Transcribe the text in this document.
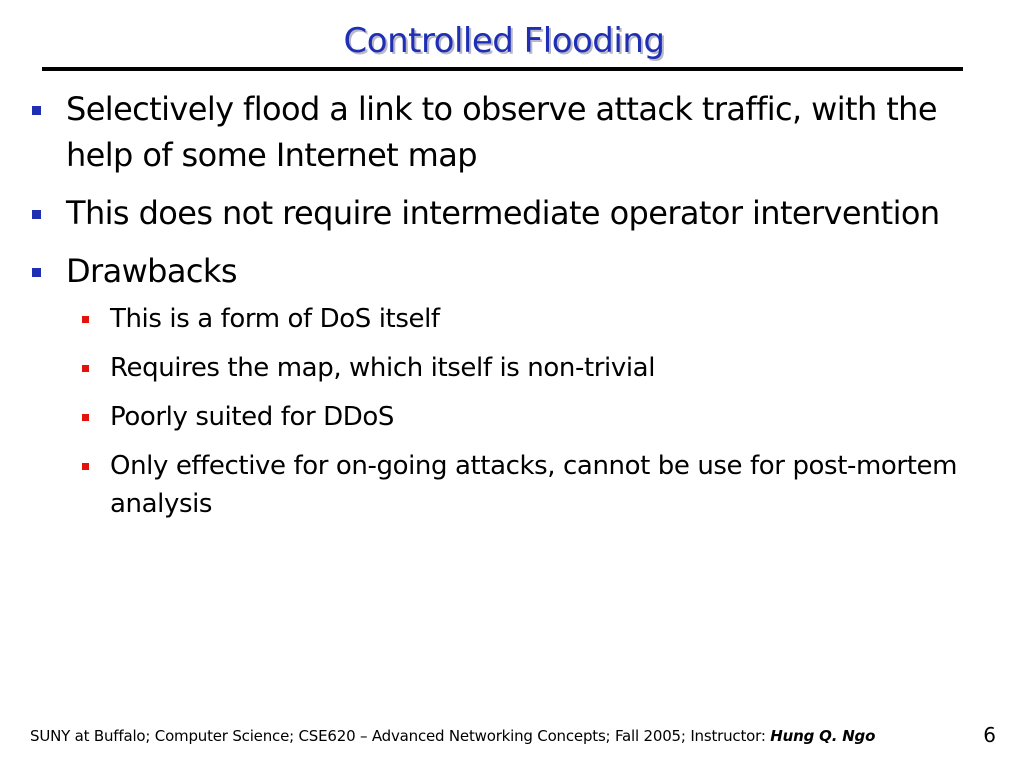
Controlled Flooding
Selectively flood a link to observe attack traffic, with the help of some Internet map
This does not require intermediate operator intervention
Drawbacks
This is a form of DoS itself
Requires the map, which itself is non-trivial
Poorly suited for DDoS
Only effective for on-going attacks, cannot be use for post-mortem analysis
SUNY at Buffalo; Computer Science; CSE620 – Advanced Networking Concepts; Fall 2005; Instructor: Hung Q. Ngo	6
